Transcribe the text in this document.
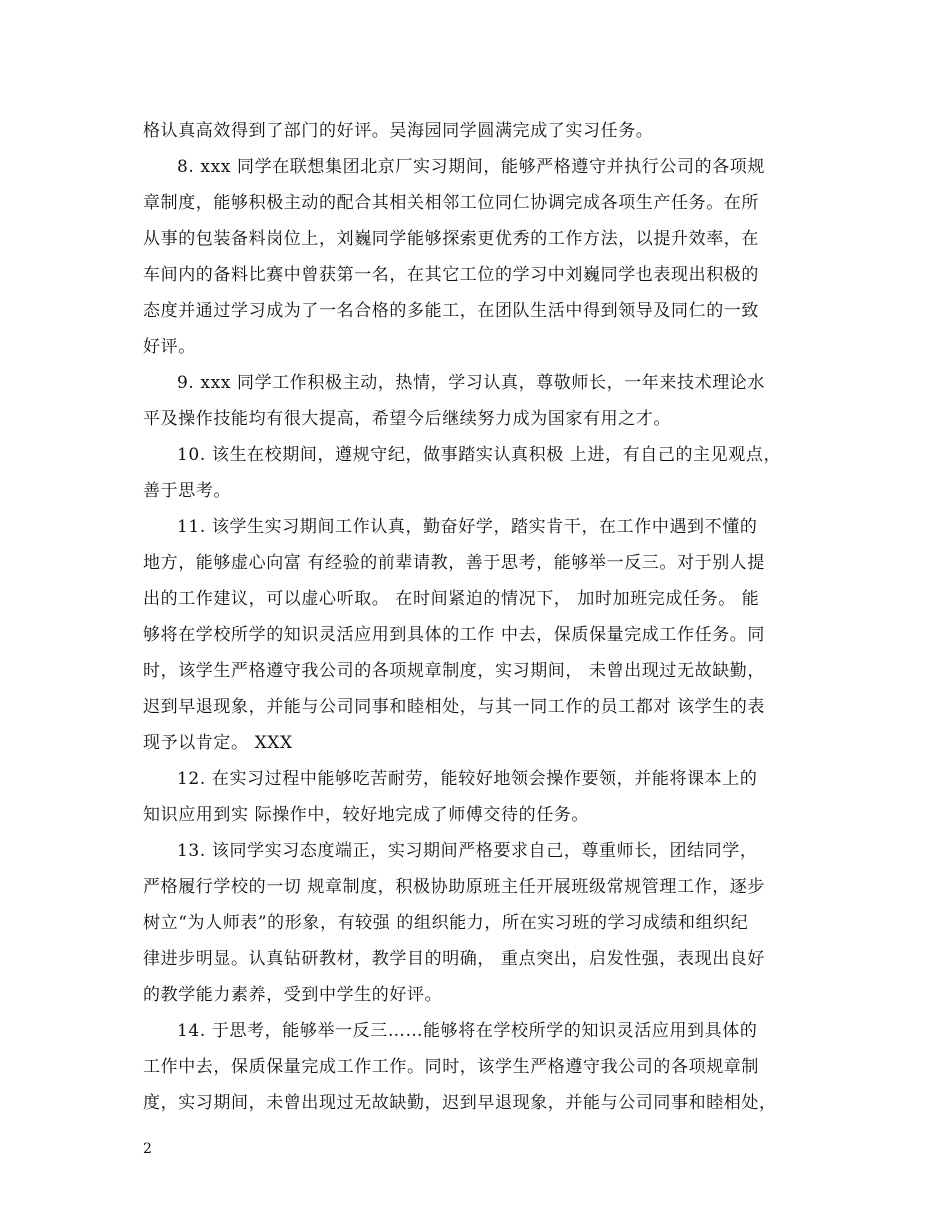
格认真高效得到了部门的好评。吴海园同学圆满完成了实习任务。
8. xxx 同学在联想集团北京厂实习期间，能够严格遵守并执行公司的各项规
章制度，能够积极主动的配合其相关相邻工位同仁协调完成各项生产任务。在所
从事的包装备料岗位上，刘巍同学能够探索更优秀的工作方法，以提升效率，在
车间内的备料比赛中曾获第一名，在其它工位的学习中刘巍同学也表现出积极的
态度并通过学习成为了一名合格的多能工，在团队生活中得到领导及同仁的一致
好评。
9. xxx 同学工作积极主动，热情，学习认真，尊敬师长，一年来技术理论水
平及操作技能均有很大提高，希望今后继续努力成为国家有用之才。
10. 该生在校期间，遵规守纪，做事踏实认真积极 上进，有自己的主见观点，
善于思考。
11. 该学生实习期间工作认真，勤奋好学，踏实肯干，在工作中遇到不懂的
地方，能够虚心向富 有经验的前辈请教，善于思考，能够举一反三。对于别人提
出的工作建议，可以虚心听取。 在时间紧迫的情况下， 加时加班完成任务。 能
够将在学校所学的知识灵活应用到具体的工作 中去，保质保量完成工作任务。同
时，该学生严格遵守我公司的各项规章制度，实习期间， 未曾出现过无故缺勤，
迟到早退现象，并能与公司同事和睦相处，与其一同工作的员工都对 该学生的表
现予以肯定。 XXX
12. 在实习过程中能够吃苦耐劳，能较好地领会操作要领，并能将课本上的
知识应用到实 际操作中，较好地完成了师傅交待的任务。
13. 该同学实习态度端正，实习期间严格要求自己，尊重师长，团结同学，
严格履行学校的一切 规章制度，积极协助原班主任开展班级常规管理工作，逐步
树立“为人师表”的形象，有较强 的组织能力，所在实习班的学习成绩和组织纪
律进步明显。认真钻研教材，教学目的明确， 重点突出，启发性强，表现出良好
的教学能力素养，受到中学生的好评。
14. 于思考，能够举一反三……能够将在学校所学的知识灵活应用到具体的
工作中去，保质保量完成工作工作。同时，该学生严格遵守我公司的各项规章制
度，实习期间，未曾出现过无故缺勤，迟到早退现象，并能与公司同事和睦相处，
2
